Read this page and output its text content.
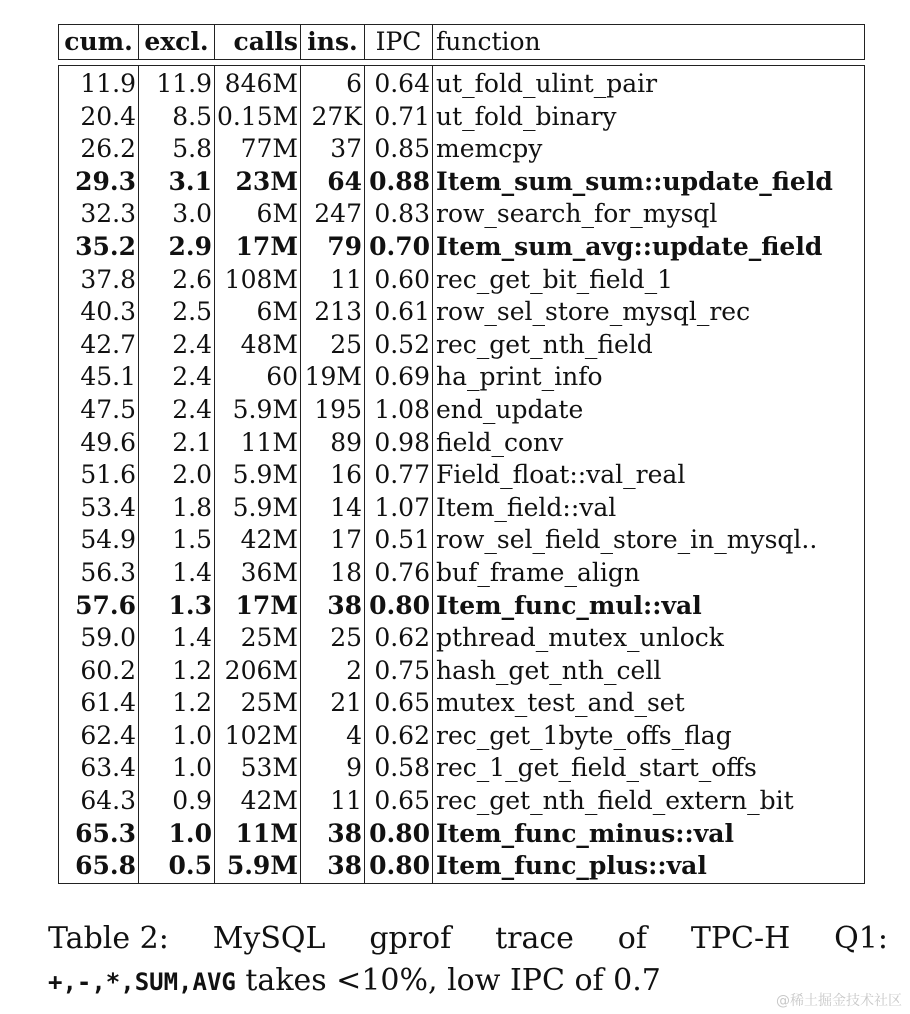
cum.	excl.	calls	ins.	IPC	function
11.9	11.9	846M	6	0.64	ut_fold_ulint_pair
20.4	8.5	0.15M	27K	0.71	ut_fold_binary
26.2	5.8	77M	37	0.85	memcpy
29.3	3.1	23M	64	0.88	Item_sum_sum::update_field
32.3	3.0	6M	247	0.83	row_search_for_mysql
35.2	2.9	17M	79	0.70	Item_sum_avg::update_field
37.8	2.6	108M	11	0.60	rec_get_bit_field_1
40.3	2.5	6M	213	0.61	row_sel_store_mysql_rec
42.7	2.4	48M	25	0.52	rec_get_nth_field
45.1	2.4	60	19M	0.69	ha_print_info
47.5	2.4	5.9M	195	1.08	end_update
49.6	2.1	11M	89	0.98	field_conv
51.6	2.0	5.9M	16	0.77	Field_float::val_real
53.4	1.8	5.9M	14	1.07	Item_field::val
54.9	1.5	42M	17	0.51	row_sel_field_store_in_mysql..
56.3	1.4	36M	18	0.76	buf_frame_align
57.6	1.3	17M	38	0.80	Item_func_mul::val
59.0	1.4	25M	25	0.62	pthread_mutex_unlock
60.2	1.2	206M	2	0.75	hash_get_nth_cell
61.4	1.2	25M	21	0.65	mutex_test_and_set
62.4	1.0	102M	4	0.62	rec_get_1byte_offs_flag
63.4	1.0	53M	9	0.58	rec_1_get_field_start_offs
64.3	0.9	42M	11	0.65	rec_get_nth_field_extern_bit
65.3	1.0	11M	38	0.80	Item_func_minus::val
65.8	0.5	5.9M	38	0.80	Item_func_plus::val
Table 2: MySQL gprof trace of TPC-H Q1:
+,-,*,SUM,AVG takes <10%, low IPC of 0.7
@稀土掘金技术社区
